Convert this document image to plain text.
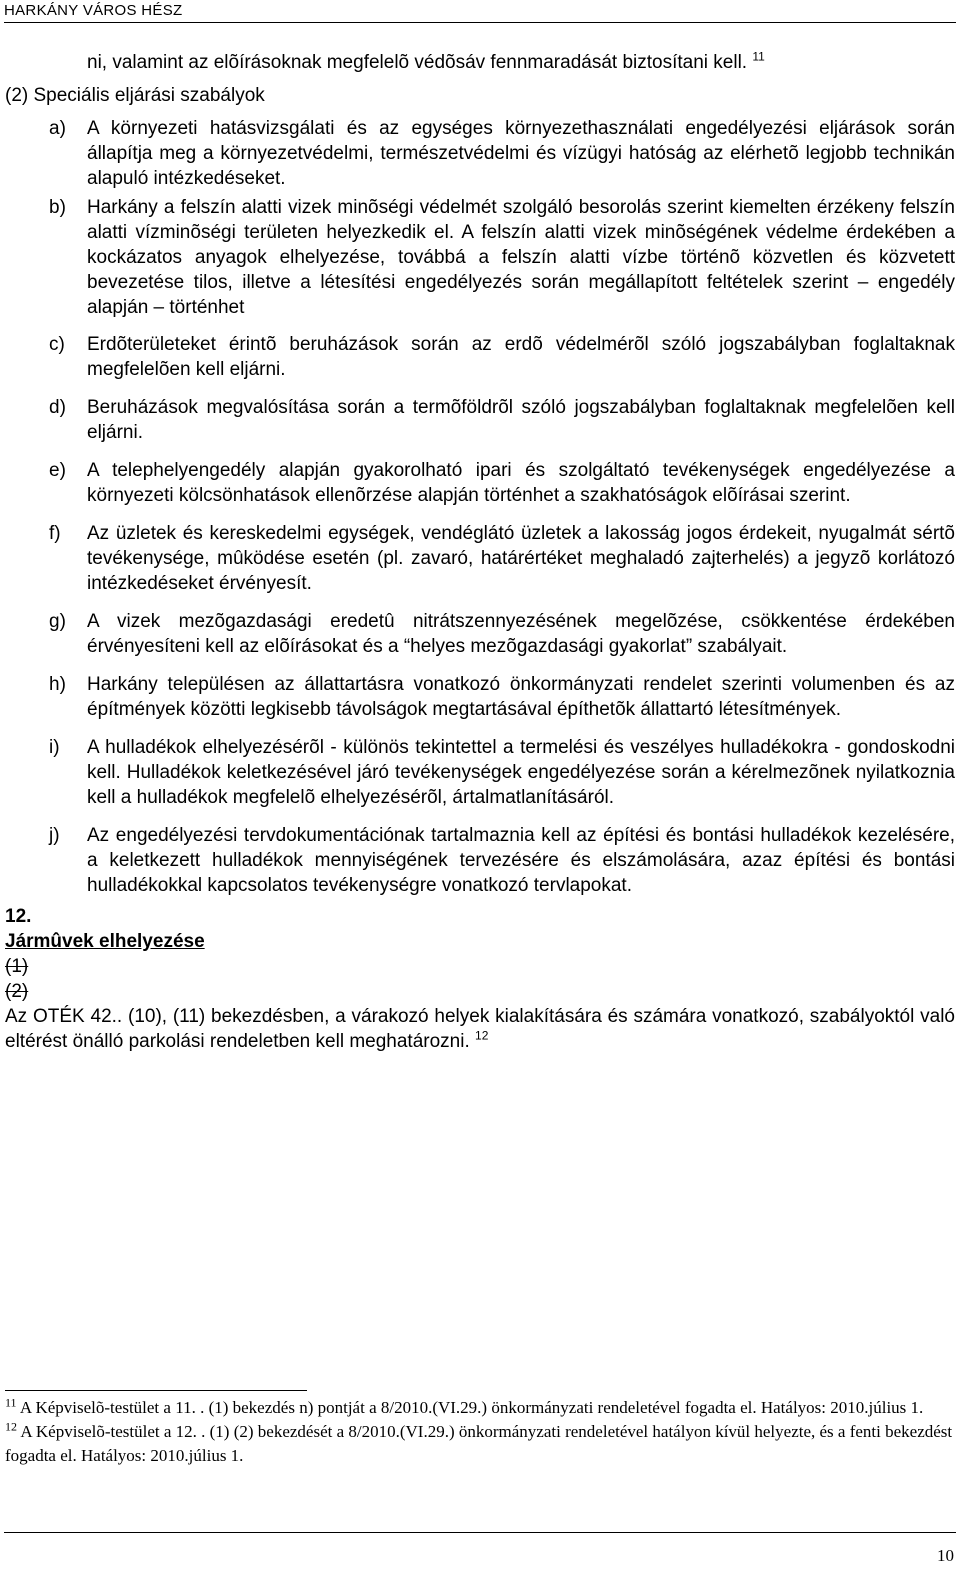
HARKÁNY VÁROS HÉSZ
ni, valamint az elõírásoknak megfelelõ védõsáv fennmaradását biztosítani kell. $^{11}$
(2) Speciális eljárási szabályok
a) A környezeti hatásvizsgálati és az egységes környezethasználati engedélyezési eljárások során állapítja meg a környezetvédelmi, természetvédelmi és vízügyi hatóság az elérhetõ legjobb technikán alapuló intézkedéseket.
b) Harkány a felszín alatti vizek minõségi védelmét szolgáló besorolás szerint kiemelten érzékeny felszín alatti vízminõségi területen helyezkedik el. A felszín alatti vizek minõségének védelme érdekében a kockázatos anyagok elhelyezése, továbbá a felszín alatti vízbe történõ közvetlen és közvetett bevezetése tilos, illetve a létesítési engedélyezés során megállapított feltételek szerint – engedély alapján – történhet
c) Erdõterületeket érintõ beruházások során az erdõ védelmérõl szóló jogszabályban foglaltaknak megfelelõen kell eljárni.
d) Beruházások megvalósítása során a termõföldrõl szóló jogszabályban foglaltaknak megfelelõen kell eljárni.
e) A telephelyengedély alapján gyakorolható ipari és szolgáltató tevékenységek engedélyezése a környezeti kölcsönhatások ellenõrzése alapján történhet a szakhatóságok elõírásai szerint.
f) Az üzletek és kereskedelmi egységek, vendéglátó üzletek a lakosság jogos érdekeit, nyugalmát sértõ tevékenysége, mûködése esetén (pl. zavaró, határértéket meghaladó zajterhelés) a jegyzõ korlátozó intézkedéseket érvényesít.
g) A vizek mezõgazdasági eredetû nitrátszennyezésének megelõzése, csökkentése érdekében érvényesíteni kell az elõírásokat és a “helyes mezõgazdasági gyakorlat” szabályait.
h) Harkány településen az állattartásra vonatkozó önkormányzati rendelet szerinti volumenben és az építmények közötti legkisebb távolságok megtartásával építhetõk állattartó létesítmények.
i) A hulladékok elhelyezésérõl - különös tekintettel a termelési és veszélyes hulladékokra - gondoskodni kell. Hulladékok keletkezésével járó tevékenységek engedélyezése során a kérelmezõnek nyilatkoznia kell a hulladékok megfelelõ elhelyezésérõl, ártalmatlanításáról.
j) Az engedélyezési tervdokumentációnak tartalmaznia kell az építési és bontási hulladékok kezelésére, a keletkezett hulladékok mennyiségének tervezésére és elszámolására, azaz építési és bontási hulladékokkal kapcsolatos tevékenységre vonatkozó tervlapokat.
12.
Jármûvek elhelyezése
(1)
(2)
Az OTÉK 42.. (10), (11) bekezdésben, a várakozó helyek kialakítására és számára vonatkozó, szabályoktól való eltérést önálló parkolási rendeletben kell meghatározni. $^{12}$
$^{11}$ A Képviselõ-testület a 11. . (1) bekezdés n) pontját a 8/2010.(VI.29.) önkormányzati rendeletével fogadta el. Hatályos: 2010.július 1.
$^{12}$ A Képviselõ-testület a 12. . (1) (2) bekezdését a 8/2010.(VI.29.) önkormányzati rendeletével hatályon kívül helyezte, és a fenti bekezdést fogadta el. Hatályos: 2010.július 1.
10
